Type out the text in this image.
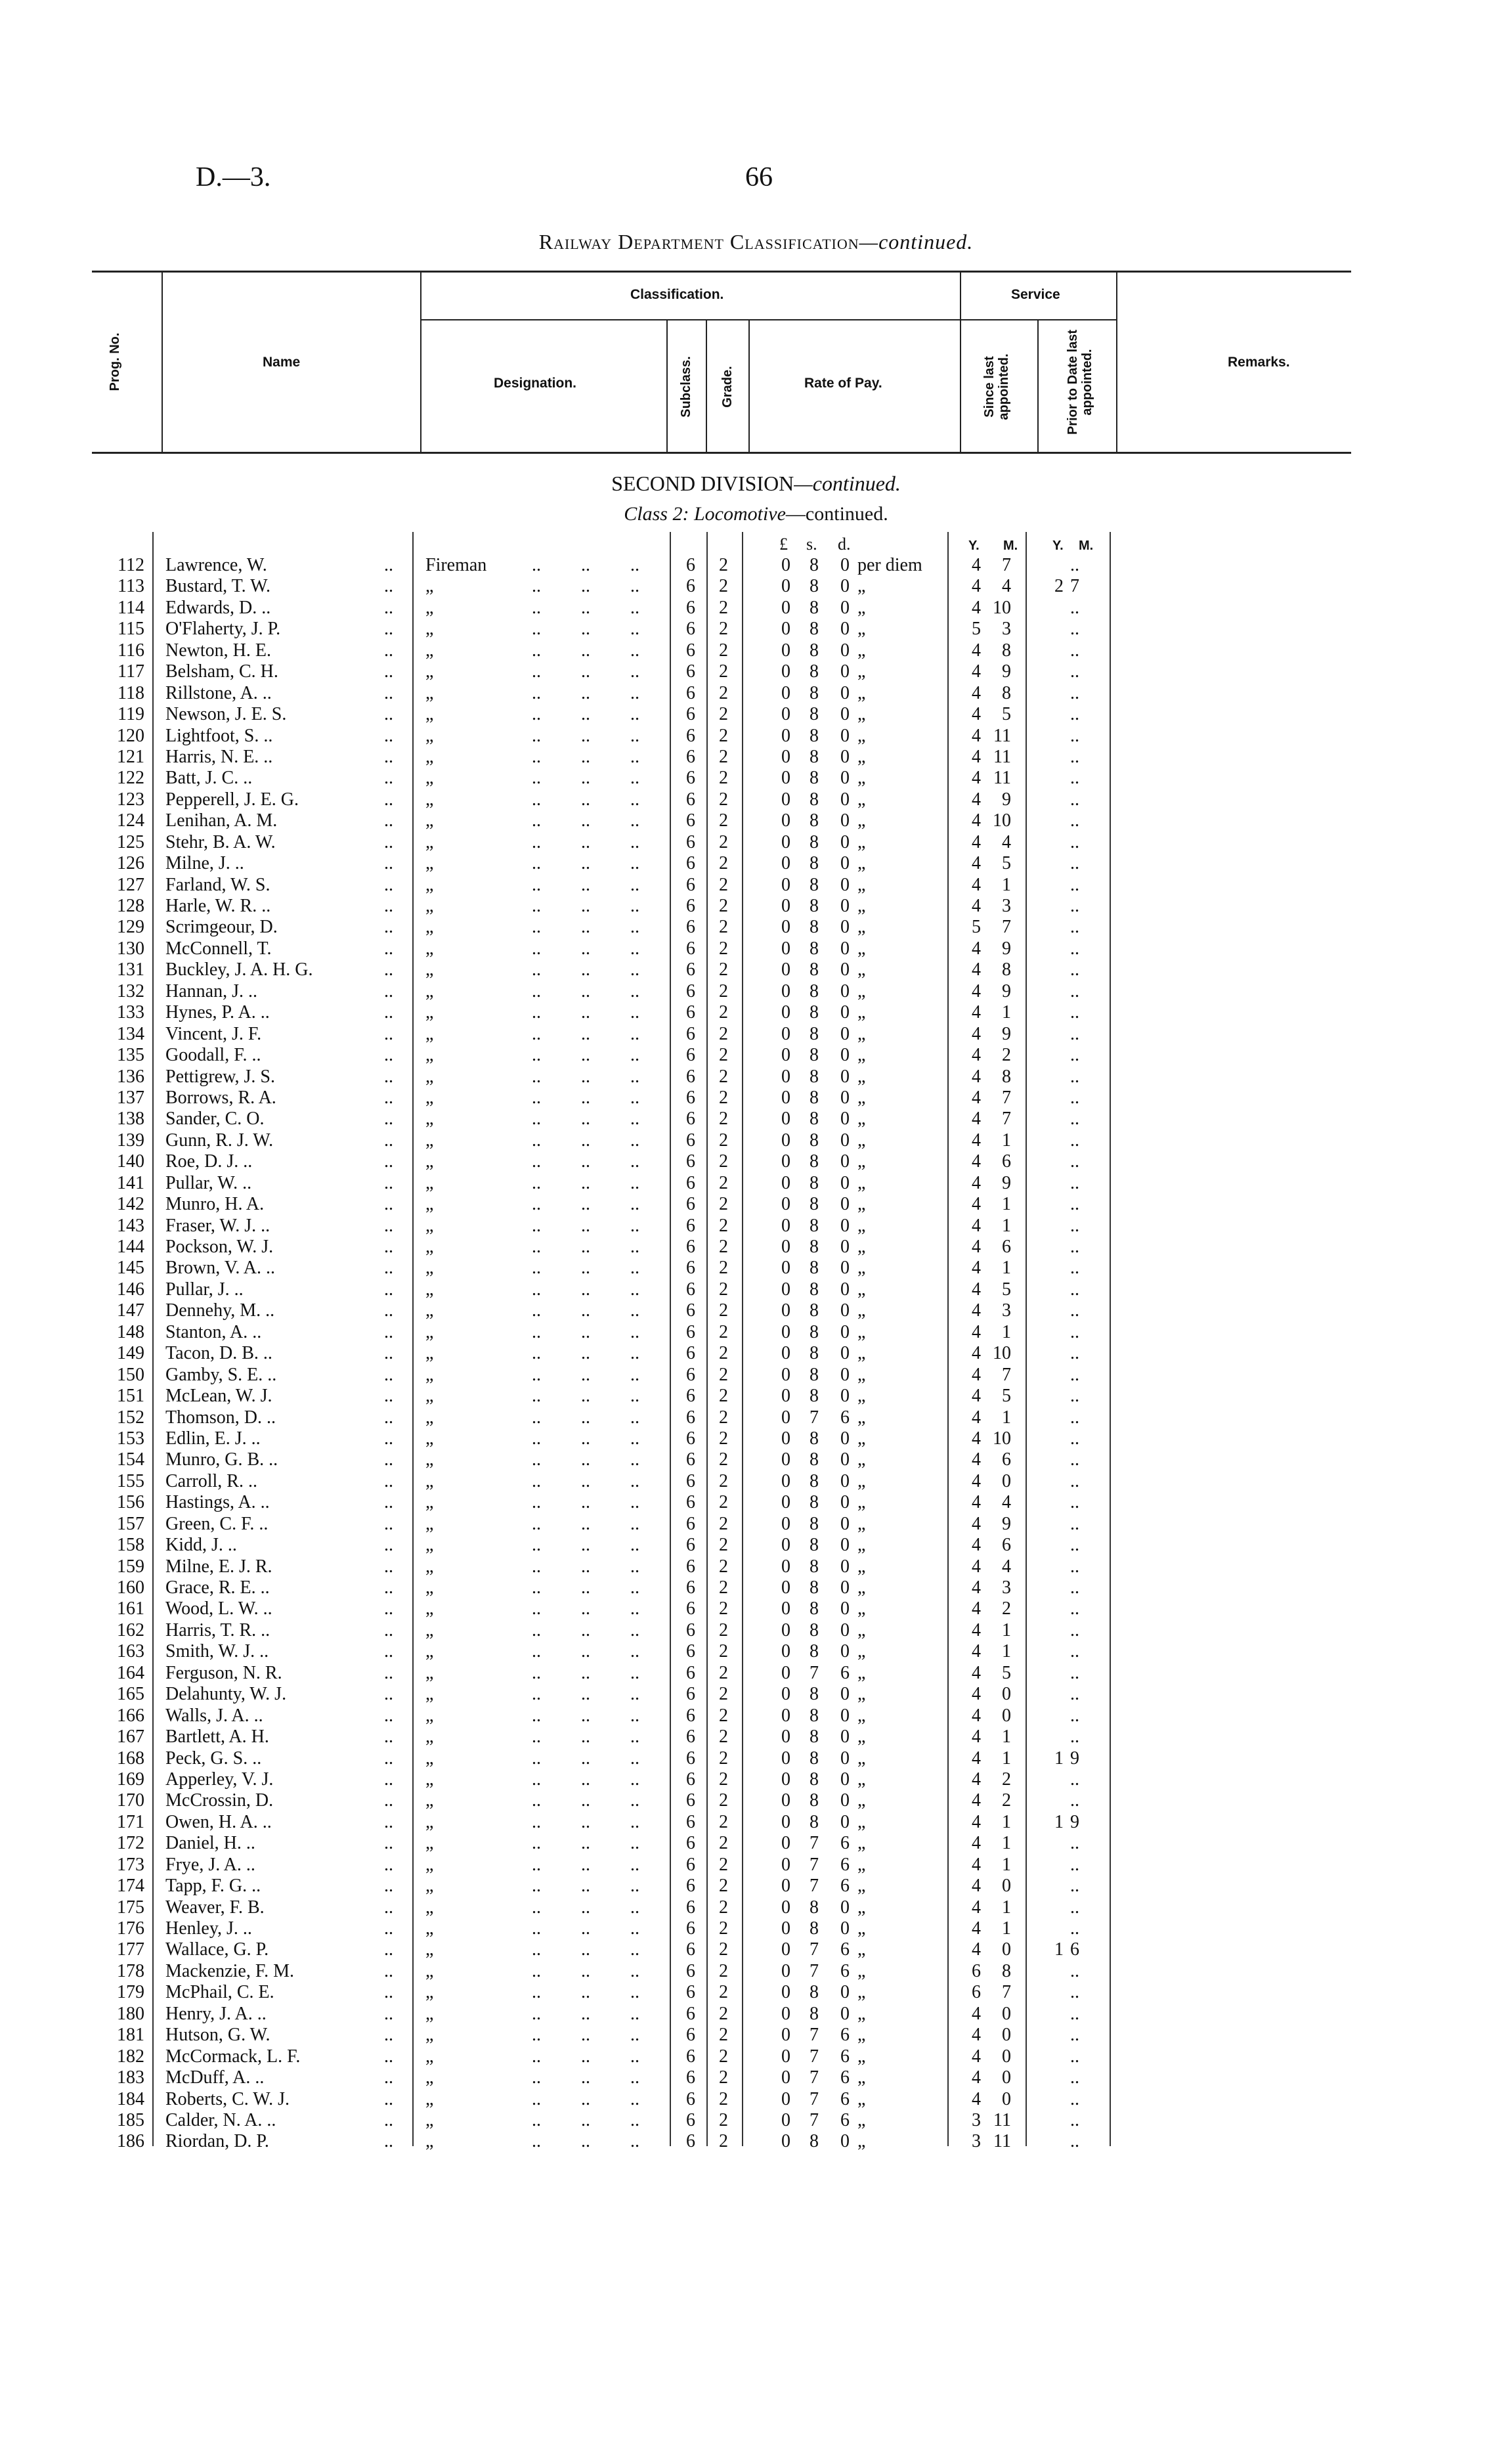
D.—3.	66
Railway Department Classification—continued.
Prog. No.	Name
Classification.
Designation.	Subclass. Grade.	Rate of Pay.
Service
Since last appointed.	Prior to Date last appointed.	Remarks.
SECOND DIVISION—continued.
Class 2: Locomotive—continued.
£ s. d.	Y. M.	Y. M.
112 Lawrence, W.	.. Fireman .. .. ..	6 2	0 8 0 per diem	4	7	..
113 Bustard, T. W.	.. „	.. .. ..	6 2	0 8 0 „	4	4	2 7
114 Edwards, D. ..	.. „	.. .. ..	6 2	0 8 0 „	4 10	..
115 O'Flaherty, J. P.	.. „	.. .. ..	6 2	0 8 0 „	5	3	..
116 Newton, H. E.	.. „	.. .. ..	6 2	0 8 0 „	4	8	..
117 Belsham, C. H.	.. „	.. .. ..	6 2	0 8 0 „	4	9	..
118 Rillstone, A. ..	.. „	.. .. ..	6 2	0 8 0 „	4	8	..
119 Newson, J. E. S.	.. „	.. .. ..	6 2	0 8 0 „	4	5	..
120 Lightfoot, S. ..	.. „	.. .. ..	6 2	0 8 0 „	4 11	..
121 Harris, N. E. ..	.. „	.. .. ..	6 2	0 8 0 „	4 11	..
122 Batt, J. C. ..	.. „	.. .. ..	6 2	0 8 0 „	4 11	..
123 Pepperell, J. E. G.	.. „	.. .. ..	6 2	0 8 0 „	4	9	..
124 Lenihan, A. M.	.. „	.. .. ..	6 2	0 8 0 „	4 10	..
125 Stehr, B. A. W.	.. „	.. .. ..	6 2	0 8 0 „	4	4	..
126 Milne, J. ..	.. „	.. .. ..	6 2	0 8 0 „	4	5	..
127 Farland, W. S.	.. „	.. .. ..	6 2	0 8 0 „	4	1	..
128 Harle, W. R. ..	.. „	.. .. ..	6 2	0 8 0 „	4	3	..
129 Scrimgeour, D.	.. „	.. .. ..	6 2	0 8 0 „	5	7	..
130 McConnell, T.	.. „	.. .. ..	6 2	0 8 0 „	4	9	..
131 Buckley, J. A. H. G.	.. „	.. .. ..	6 2	0 8 0 „	4	8	..
132 Hannan, J. ..	.. „	.. .. ..	6 2	0 8 0 „	4	9	..
133 Hynes, P. A. ..	.. „	.. .. ..	6 2	0 8 0 „	4	1	..
134 Vincent, J. F.	.. „	.. .. ..	6 2	0 8 0 „	4	9	..
135 Goodall, F. ..	.. „	.. .. ..	6 2	0 8 0 „	4	2	..
136 Pettigrew, J. S.	.. „	.. .. ..	6 2	0 8 0 „	4	8	..
137 Borrows, R. A.	.. „	.. .. ..	6 2	0 8 0 „	4	7	..
138 Sander, C. O.	.. „	.. .. ..	6 2	0 8 0 „	4	7	..
139 Gunn, R. J. W.	.. „	.. .. ..	6 2	0 8 0 „	4	1	..
140 Roe, D. J. ..	.. „	.. .. ..	6 2	0 8 0 „	4	6	..
141 Pullar, W. ..	.. „	.. .. ..	6 2	0 8 0 „	4	9	..
142 Munro, H. A.	.. „	.. .. ..	6 2	0 8 0 „	4	1	..
143 Fraser, W. J. ..	.. „	.. .. ..	6 2	0 8 0 „	4	1	..
144 Pockson, W. J.	.. „	.. .. ..	6 2	0 8 0 „	4	6	..
145 Brown, V. A. ..	.. „	.. .. ..	6 2	0 8 0 „	4	1	..
146 Pullar, J. ..	.. „	.. .. ..	6 2	0 8 0 „	4	5	..
147 Dennehy, M. ..	.. „	.. .. ..	6 2	0 8 0 „	4	3	..
148 Stanton, A. ..	.. „	.. .. ..	6 2	0 8 0 „	4	1	..
149 Tacon, D. B. ..	.. „	.. .. ..	6 2	0 8 0 „	4 10	..
150 Gamby, S. E. ..	.. „	.. .. ..	6 2	0 8 0 „	4	7	..
151 McLean, W. J.	.. „	.. .. ..	6 2	0 8 0 „	4	5	..
152 Thomson, D. ..	.. „	.. .. ..	6 2	0 7 6 „	4	1	..
153 Edlin, E. J. ..	.. „	.. .. ..	6 2	0 8 0 „	4 10	..
154 Munro, G. B. ..	.. „	.. .. ..	6 2	0 8 0 „	4	6	..
155 Carroll, R. ..	.. „	.. .. ..	6 2	0 8 0 „	4	0	..
156 Hastings, A. ..	.. „	.. .. ..	6 2	0 8 0 „	4	4	..
157 Green, C. F. ..	.. „	.. .. ..	6 2	0 8 0 „	4	9	..
158 Kidd, J. ..	.. „	.. .. ..	6 2	0 8 0 „	4	6	..
159 Milne, E. J. R.	.. „	.. .. ..	6 2	0 8 0 „	4	4	..
160 Grace, R. E. ..	.. „	.. .. ..	6 2	0 8 0 „	4	3	..
161 Wood, L. W. ..	.. „	.. .. ..	6 2	0 8 0 „	4	2	..
162 Harris, T. R. ..	.. „	.. .. ..	6 2	0 8 0 „	4	1	..
163 Smith, W. J. ..	.. „	.. .. ..	6 2	0 8 0 „	4	1	..
164 Ferguson, N. R.	.. „	.. .. ..	6 2	0 7 6 „	4	5	..
165 Delahunty, W. J.	.. „	.. .. ..	6 2	0 8 0 „	4	0	..
166 Walls, J. A. ..	.. „	.. .. ..	6 2	0 8 0 „	4	0	..
167 Bartlett, A. H.	.. „	.. .. ..	6 2	0 8 0 „	4	1	..
168 Peck, G. S. ..	.. „	.. .. ..	6 2	0 8 0 „	4	1	1 9
169 Apperley, V. J.	.. „	.. .. ..	6 2	0 8 0 „	4	2	..
170 McCrossin, D.	.. „	.. .. ..	6 2	0 8 0 „	4	2	..
171 Owen, H. A. ..	.. „	.. .. ..	6 2	0 8 0 „	4	1	1 9
172 Daniel, H. ..	.. „	.. .. ..	6 2	0 7 6 „	4	1	..
173 Frye, J. A. ..	.. „	.. .. ..	6 2	0 7 6 „	4	1	..
174 Tapp, F. G. ..	.. „	.. .. ..	6 2	0 7 6 „	4	0	..
175 Weaver, F. B.	.. „	.. .. ..	6 2	0 8 0 „	4	1	..
176 Henley, J. ..	.. „	.. .. ..	6 2	0 8 0 „	4	1	..
177 Wallace, G. P.	.. „	.. .. ..	6 2	0 7 6 „	4	0	1 6
178 Mackenzie, F. M.	.. „	.. .. ..	6 2	0 7 6 „	6	8	..
179 McPhail, C. E.	.. „	.. .. ..	6 2	0 8 0 „	6	7	..
180 Henry, J. A. ..	.. „	.. .. ..	6 2	0 8 0 „	4	0	..
181 Hutson, G. W.	.. „	.. .. ..	6 2	0 7 6 „	4	0	..
182 McCormack, L. F.	.. „	.. .. ..	6 2	0 7 6 „	4	0	..
183 McDuff, A. ..	.. „	.. .. ..	6 2	0 7 6 „	4	0	..
184 Roberts, C. W. J.	.. „	.. .. ..	6 2	0 7 6 „	4	0	..
185 Calder, N. A. ..	.. „	.. .. ..	6 2	0 7 6 „	3 11	..
186 Riordan, D. P.	.. „	.. .. ..	6 2	0 8 0 „	3 11	..
